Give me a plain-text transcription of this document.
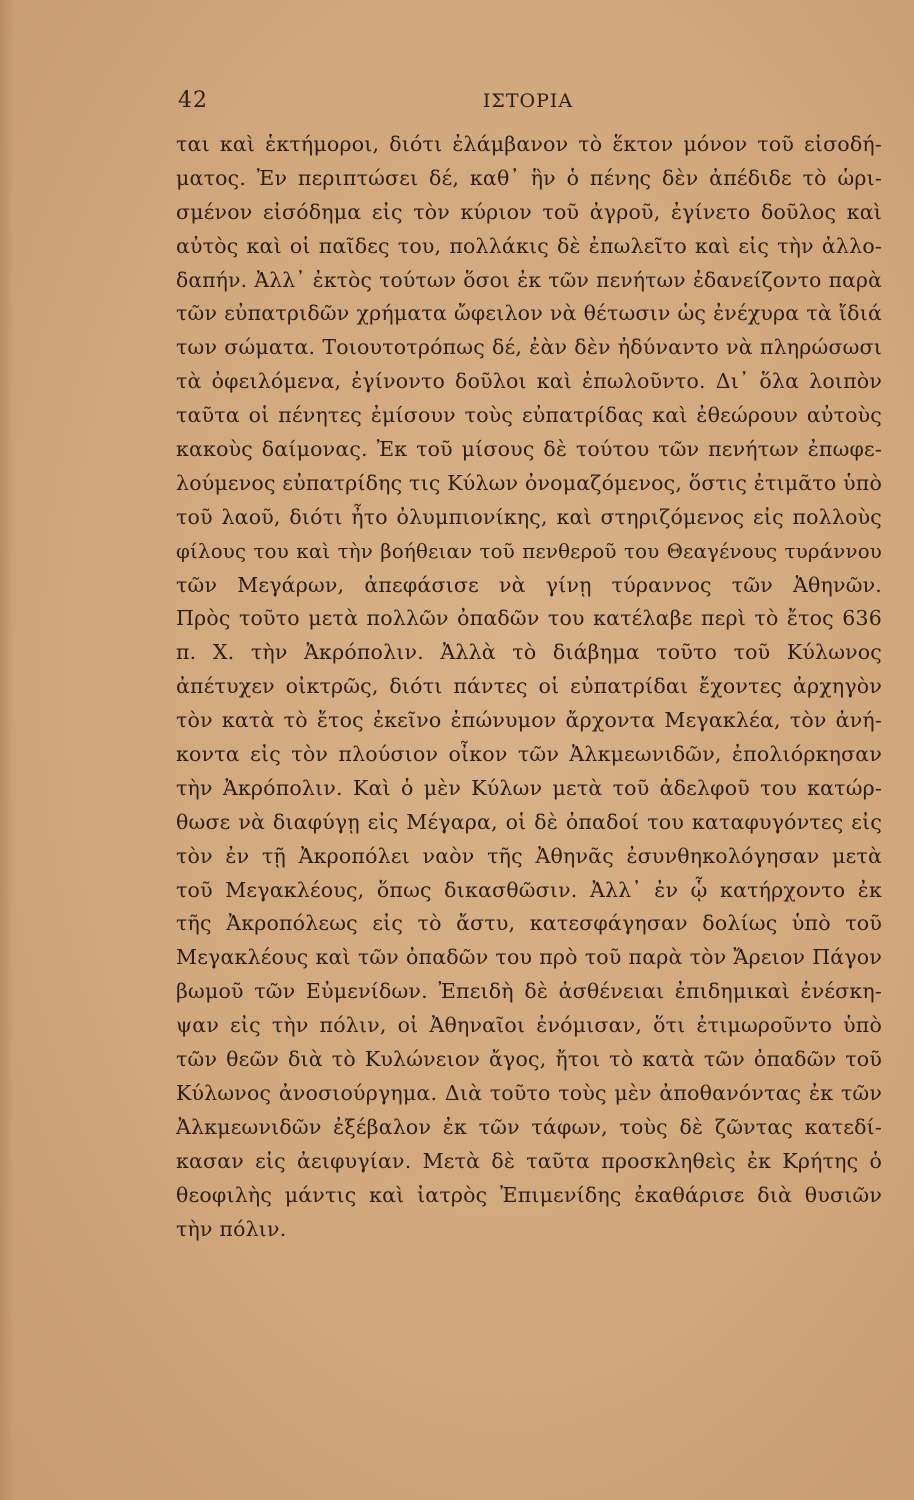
42	ΙΣΤΟΡΙΑ
ται καὶ ἑκτήμοροι, διότι ἐλάμβανον τὸ ἕκτον μόνον τοῦ εἰσοδή-
ματος. Ἐν περιπτώσει δέ, καθ᾽ ἣν ὁ πένης δὲν ἀπέδιδε τὸ ὡρι-
σμένον εἰσόδημα εἰς τὸν κύριον τοῦ ἀγροῦ, ἐγίνετο δοῦλος καὶ
αὐτὸς καὶ οἱ παῖδες του, πολλάκις δὲ ἐπωλεῖτο καὶ εἰς τὴν ἀλλο-
δαπήν. Ἀλλ᾽ ἐκτὸς τούτων ὅσοι ἐκ τῶν πενήτων ἐδανείζοντο παρὰ
τῶν εὐπατριδῶν χρήματα ὤφειλον νὰ θέτωσιν ὡς ἐνέχυρα τὰ ἴδιά
των σώματα. Τοιουτοτρόπως δέ, ἐὰν δὲν ἠδύναντο νὰ πληρώσωσι
τὰ ὀφειλόμενα, ἐγίνοντο δοῦλοι καὶ ἐπωλοῦντο. Δι᾽ ὅλα λοιπὸν
ταῦτα οἱ πένητες ἐμίσουν τοὺς εὐπατρίδας καὶ ἐθεώρουν αὐτοὺς
κακοὺς δαίμονας. Ἐκ τοῦ μίσους δὲ τούτου τῶν πενήτων ἐπωφε-
λούμενος εὐπατρίδης τις Κύλων ὀνομαζόμενος, ὅστις ἐτιμᾶτο ὑπὸ
τοῦ λαοῦ, διότι ἦτο ὀλυμπιονίκης, καὶ στηριζόμενος εἰς πολλοὺς
φίλους του καὶ τὴν βοήθειαν τοῦ πενθεροῦ του Θεαγένους τυράννου
τῶν Μεγάρων, ἀπεφάσισε νὰ γίνῃ τύραννος τῶν Ἀθηνῶν.
Πρὸς τοῦτο μετὰ πολλῶν ὀπαδῶν του κατέλαβε περὶ τὸ ἔτος 636
π. Χ. τὴν Ἀκρόπολιν. Ἀλλὰ τὸ διάβημα τοῦτο τοῦ Κύλωνος
ἀπέτυχεν οἰκτρῶς, διότι πάντες οἱ εὐπατρίδαι ἔχοντες ἀρχηγὸν
τὸν κατὰ τὸ ἔτος ἐκεῖνο ἐπώνυμον ἄρχοντα Μεγακλέα, τὸν ἀνή-
κοντα εἰς τὸν πλούσιον οἶκον τῶν Ἀλκμεωνιδῶν, ἐπολιόρκησαν
τὴν Ἀκρόπολιν. Καὶ ὁ μὲν Κύλων μετὰ τοῦ ἀδελφοῦ του κατώρ-
θωσε νὰ διαφύγῃ εἰς Μέγαρα, οἱ δὲ ὀπαδοί του καταφυγόντες εἰς
τὸν ἐν τῇ Ἀκροπόλει ναὸν τῆς Ἀθηνᾶς ἐσυνθηκολόγησαν μετὰ
τοῦ Μεγακλέους, ὅπως δικασθῶσιν. Ἀλλ᾽ ἐν ᾧ κατήρχοντο ἐκ
τῆς Ἀκροπόλεως εἰς τὸ ἄστυ, κατεσφάγησαν δολίως ὑπὸ τοῦ
Μεγακλέους καὶ τῶν ὀπαδῶν του πρὸ τοῦ παρὰ τὸν Ἄρειον Πάγον
βωμοῦ τῶν Εὐμενίδων. Ἐπειδὴ δὲ ἀσθένειαι ἐπιδημικαὶ ἐνέσκη-
ψαν εἰς τὴν πόλιν, οἱ Ἀθηναῖοι ἐνόμισαν, ὅτι ἐτιμωροῦντο ὑπὸ
τῶν θεῶν διὰ τὸ Κυλώνειον ἄγος, ἤτοι τὸ κατὰ τῶν ὀπαδῶν τοῦ
Κύλωνος ἀνοσιούργημα. Διὰ τοῦτο τοὺς μὲν ἀποθανόντας ἐκ τῶν
Ἀλκμεωνιδῶν ἐξέβαλον ἐκ τῶν τάφων, τοὺς δὲ ζῶντας κατεδί-
κασαν εἰς ἀειφυγίαν. Μετὰ δὲ ταῦτα προσκληθεὶς ἐκ Κρήτης ὁ
θεοφιλὴς μάντις καὶ ἰατρὸς Ἐπιμενίδης ἐκαθάρισε διὰ θυσιῶν
τὴν πόλιν.
